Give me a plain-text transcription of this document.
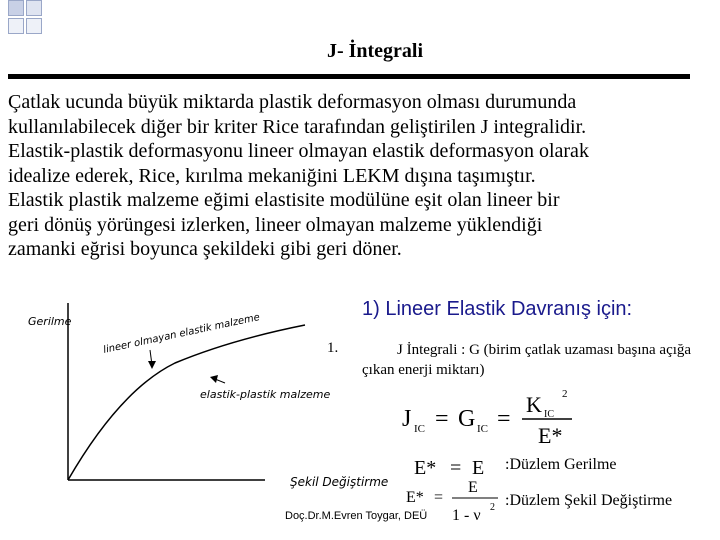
J- İntegrali
Çatlak ucunda büyük miktarda plastik deformasyon olması durumunda
kullanılabilecek diğer bir kriter Rice tarafından geliştirilen J integralidir.
Elastik-plastik deformasyonu lineer olmayan elastik deformasyon olarak
idealize ederek, Rice, kırılma mekaniğini LEKM dışına taşımıştır.
Elastik plastik malzeme eğimi elastisite modülüne eşit olan lineer bir
geri dönüş yörüngesi izlerken, lineer olmayan malzeme yüklendiği
zamanki eğrisi boyunca şekildeki gibi geri döner.
Gerilme
Şekil Değiştirme
lineer olmayan elastik malzeme
elastik-plastik malzeme
1) Lineer Elastik Davranış için:
1.	J İntegrali : G (birim çatlak uzaması başına açığa çıkan enerji miktarı)
J IC = G IC =
K IC
2
E*
E* = E :Düzlem Gerilme
E* =
E
1 - ν 2 :Düzlem Şekil Değiştirme
Doç.Dr.M.Evren Toygar, DEÜ
